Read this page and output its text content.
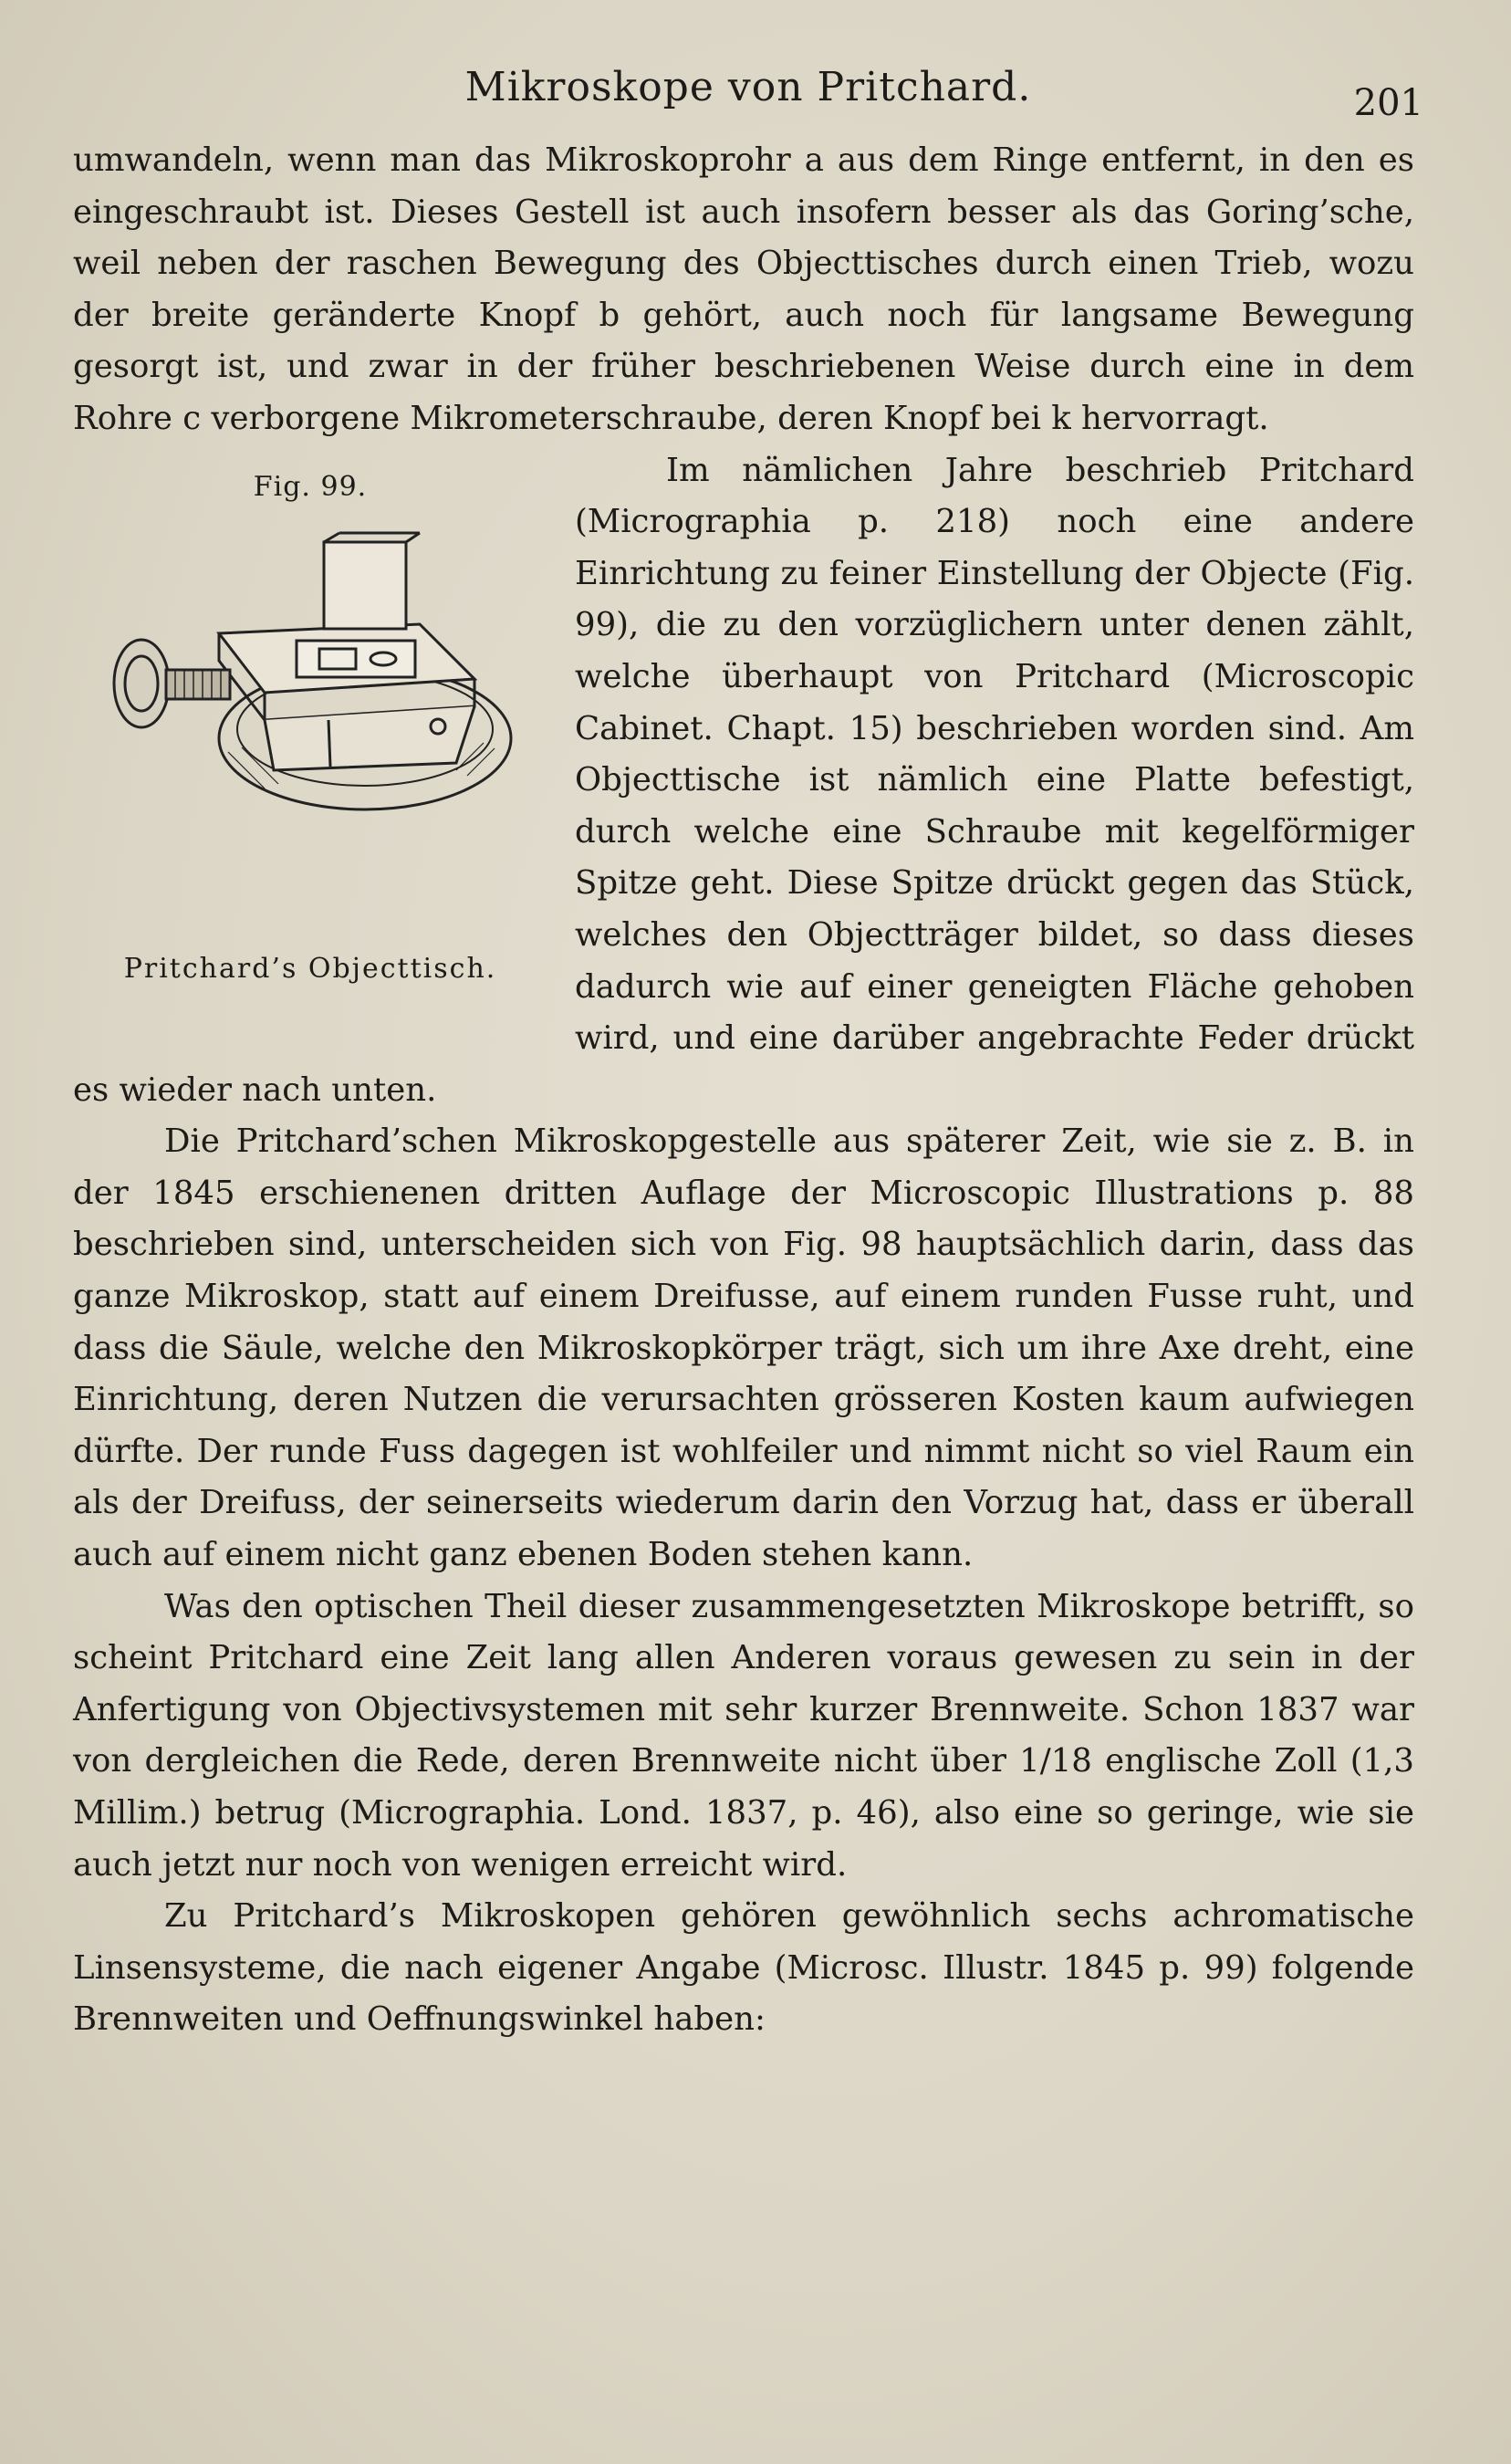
Mikroskope von Pritchard.	201

umwandeln, wenn man das Mikroskoprohr a aus dem Ringe entfernt, in den es eingeschraubt ist. Dieses Gestell ist auch insofern besser als das Goring’sche, weil neben der raschen Bewegung des Objecttisches durch einen Trieb, wozu der breite geränderte Knopf b gehört, auch noch für langsame Bewegung gesorgt ist, und zwar in der früher beschriebenen Weise durch eine in dem Rohre c verborgene Mikrometerschraube, deren Knopf bei k hervorragt.

Fig. 99.
Pritchard’s Objecttisch.

Im nämlichen Jahre beschrieb Pritchard (Micrographia p. 218) noch eine andere Einrichtung zu feiner Einstellung der Objecte (Fig. 99), die zu den vorzüglichern unter denen zählt, welche überhaupt von Pritchard (Microscopic Cabinet. Chapt. 15) beschrieben worden sind. Am Objecttische ist nämlich eine Platte befestigt, durch welche eine Schraube mit kegelförmiger Spitze geht. Diese Spitze drückt gegen das Stück, welches den Objectträger bildet, so dass dieses dadurch wie auf einer geneigten Fläche gehoben wird, und eine darüber angebrachte Feder drückt es wieder nach unten.

Die Pritchard’schen Mikroskopgestelle aus späterer Zeit, wie sie z. B. in der 1845 erschienenen dritten Auflage der Microscopic Illustrations p. 88 beschrieben sind, unterscheiden sich von Fig. 98 hauptsächlich darin, dass das ganze Mikroskop, statt auf einem Dreifusse, auf einem runden Fusse ruht, und dass die Säule, welche den Mikroskopkörper trägt, sich um ihre Axe dreht, eine Einrichtung, deren Nutzen die verursachten grösseren Kosten kaum aufwiegen dürfte. Der runde Fuss dagegen ist wohlfeiler und nimmt nicht so viel Raum ein als der Dreifuss, der seinerseits wiederum darin den Vorzug hat, dass er überall auch auf einem nicht ganz ebenen Boden stehen kann.

Was den optischen Theil dieser zusammengesetzten Mikroskope betrifft, so scheint Pritchard eine Zeit lang allen Anderen voraus gewesen zu sein in der Anfertigung von Objectivsystemen mit sehr kurzer Brennweite. Schon 1837 war von dergleichen die Rede, deren Brennweite nicht über 1/18 englische Zoll (1,3 Millim.) betrug (Micrographia. Lond. 1837, p. 46), also eine so geringe, wie sie auch jetzt nur noch von wenigen erreicht wird.

Zu Pritchard’s Mikroskopen gehören gewöhnlich sechs achromatische Linsensysteme, die nach eigener Angabe (Microsc. Illustr. 1845 p. 99) folgende Brennweiten und Oeffnungswinkel haben:
